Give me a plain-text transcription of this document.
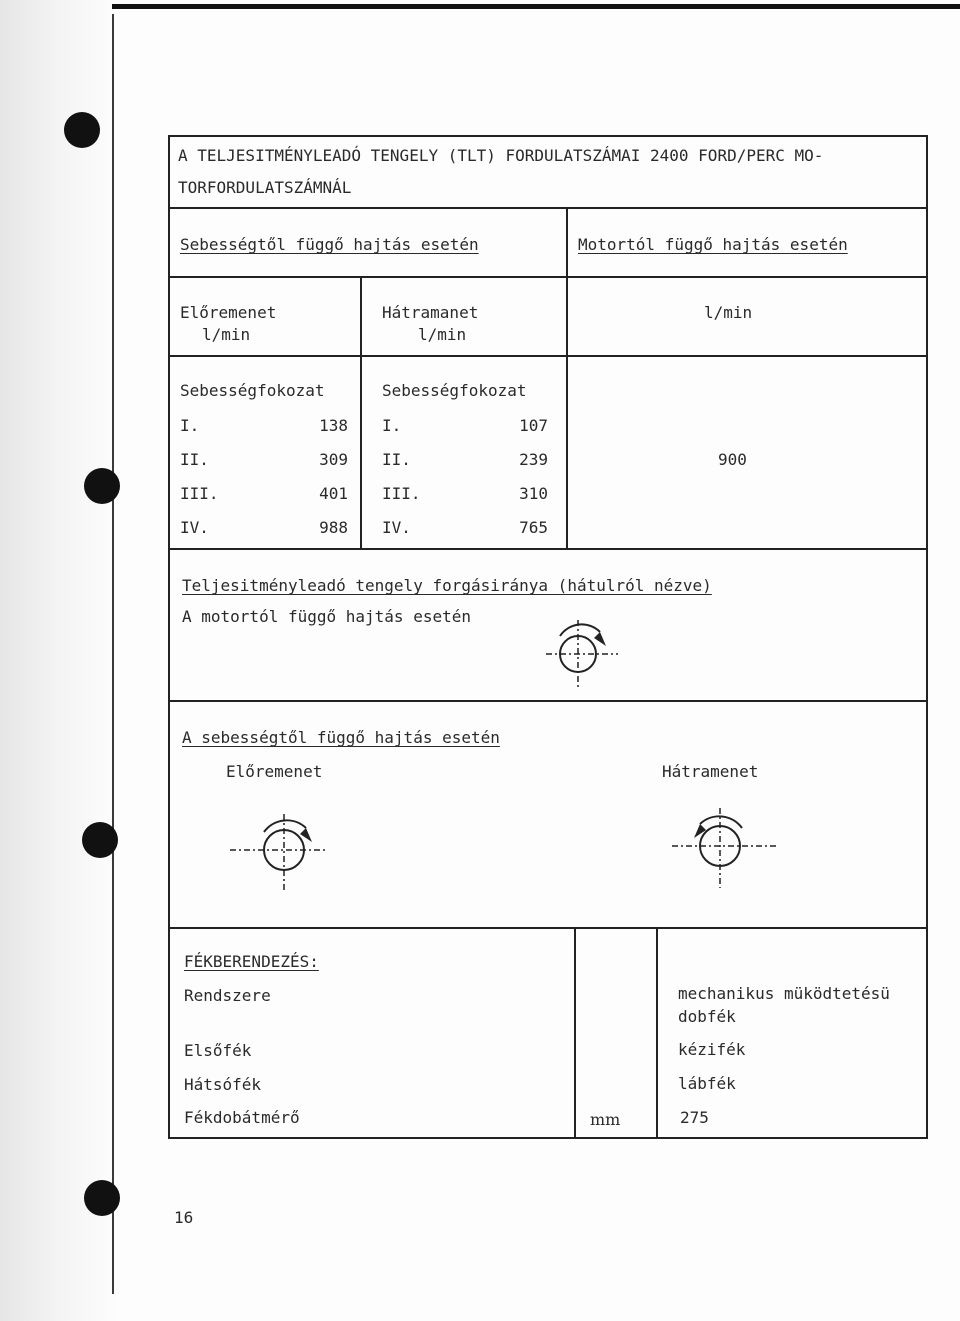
A TELJESITMÉNYLEADÓ TENGELY (TLT) FORDULATSZÁMAI 2400 FORD/PERC MO-
TORFORDULATSZÁMNÁL
Sebességtől függő hajtás esetén	Motortól függő hajtás esetén
Előremenet
l/min
Sebességfokozat
I.	138
II.	309
III.	401
IV.	988
Hátramanet
l/min
Sebességfokozat
I.	107
II.	239
III.	310
IV.	765
l/min
900
Teljesitményleadó tengely forgásiránya (hátulról nézve)
A motortól függő hajtás esetén
A sebességtől függő hajtás esetén
Előremenet	Hátramenet
FÉKBERENDEZÉS:
Rendszere	mechanikus müködtetésü
dobfék
Elsőfék	kézifék
Hátsófék	lábfék
Fékdobátmérő	mm	275
16
